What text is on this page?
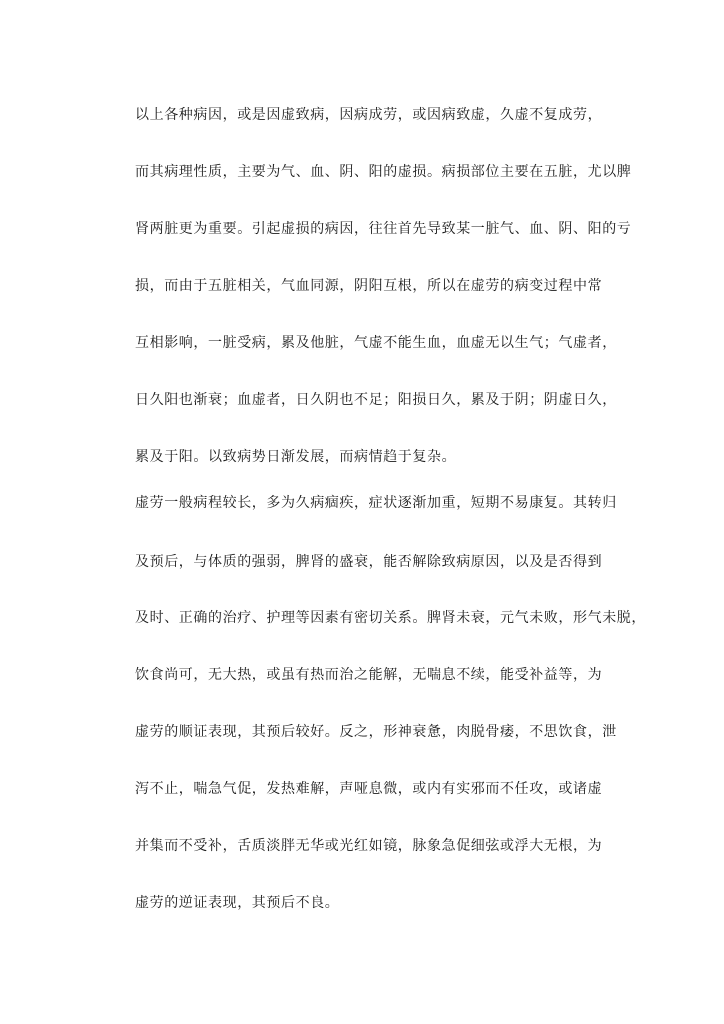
以上各种病因，或是因虚致病，因病成劳，或因病致虚，久虚不复成劳，
而其病理性质，主要为气、血、阴、阳的虚损。病损部位主要在五脏，尤以脾
肾两脏更为重要。引起虚损的病因，往往首先导致某一脏气、血、阴、阳的亏
损，而由于五脏相关，气血同源，阴阳互根，所以在虚劳的病变过程中常
互相影响，一脏受病，累及他脏，气虚不能生血，血虚无以生气；气虚者，
日久阳也渐衰；血虚者，日久阴也不足；阳损日久，累及于阴；阴虚日久，
累及于阳。以致病势日渐发展，而病情趋于复杂。
虚劳一般病程较长，多为久病痼疾，症状逐渐加重，短期不易康复。其转归
及预后，与体质的强弱，脾肾的盛衰，能否解除致病原因，以及是否得到
及时、正确的治疗、护理等因素有密切关系。脾肾未衰，元气未败，形气未脱，
饮食尚可，无大热，或虽有热而治之能解，无喘息不续，能受补益等，为
虚劳的顺证表现，其预后较好。反之，形神衰惫，肉脱骨痿，不思饮食，泄
泻不止，喘急气促，发热难解，声哑息微，或内有实邪而不任攻，或诸虚
并集而不受补，舌质淡胖无华或光红如镜，脉象急促细弦或浮大无根，为
虚劳的逆证表现，其预后不良。
